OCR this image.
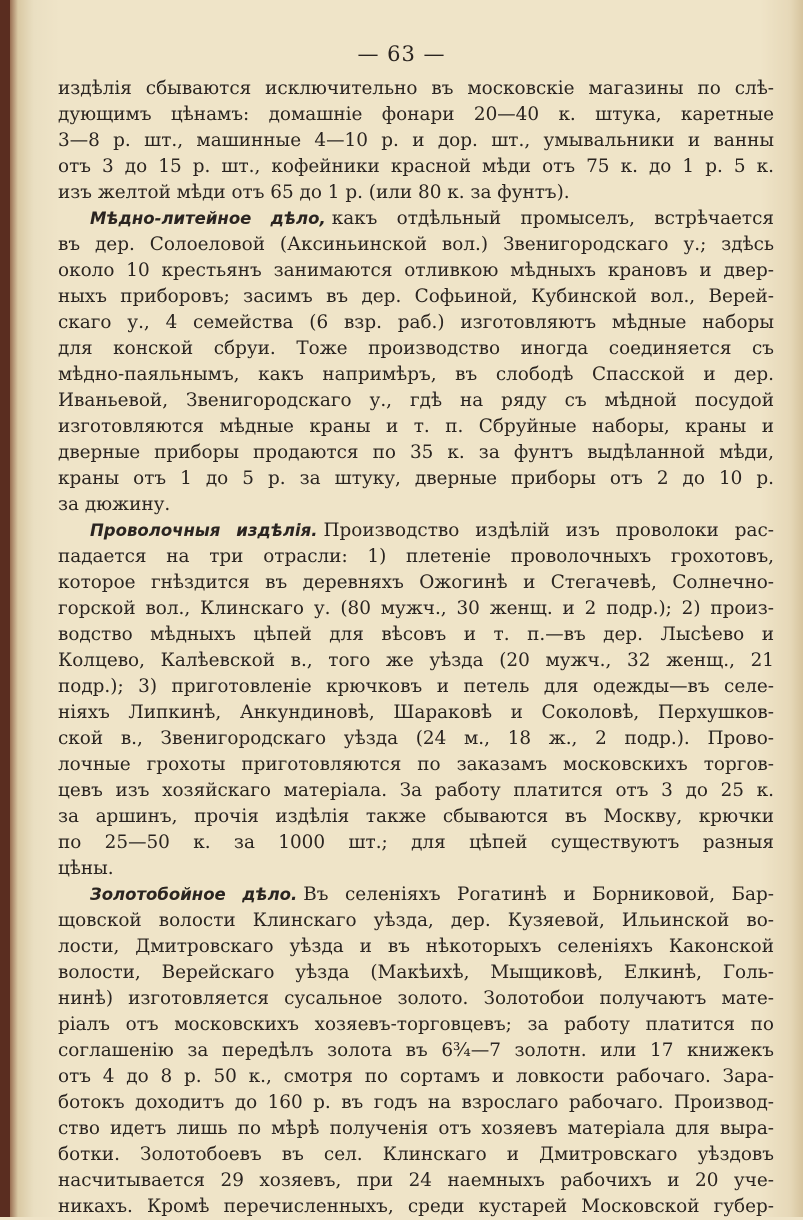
— 63 —
издѣлія сбываются исключительно въ московскіе магазины по слѣ-
дующимъ цѣнамъ: домашніе фонари 20—40 к. штука, каретные
3—8 р. шт., машинные 4—10 р. и дор. шт., умывальники и ванны
отъ 3 до 15 р. шт., кофейники красной мѣди отъ 75 к. до 1 р. 5 к.
изъ желтой мѣди отъ 65 до 1 р. (или 80 к. за фунтъ).
Мѣдно-литейное дѣло, какъ отдѣльный промыселъ, встрѣчается
въ дер. Солоеловой (Аксиньинской вол.) Звенигородскаго у.; здѣсь
около 10 крестьянъ занимаются отливкою мѣдныхъ крановъ и двер-
ныхъ приборовъ; засимъ въ дер. Софьиной, Кубинской вол., Верей-
скаго у., 4 семейства (6 взр. раб.) изготовляютъ мѣдные наборы
для конской сбруи. Тоже производство иногда соединяется съ
мѣдно-паяльнымъ, какъ напримѣръ, въ слободѣ Спасской и дер.
Иваньевой, Звенигородскаго у., гдѣ на ряду съ мѣдной посудой
изготовляются мѣдные краны и т. п. Сбруйные наборы, краны и
дверные приборы продаются по 35 к. за фунтъ выдѣланной мѣди,
краны отъ 1 до 5 р. за штуку, дверные приборы отъ 2 до 10 р.
за дюжину.
Проволочныя издѣлія. Производство издѣлій изъ проволоки рас-
падается на три отрасли: 1) плетеніе проволочныхъ грохотовъ,
которое гнѣздится въ деревняхъ Ожогинѣ и Стегачевѣ, Солнечно-
горской вол., Клинскаго у. (80 мужч., 30 женщ. и 2 подр.); 2) произ-
водство мѣдныхъ цѣпей для вѣсовъ и т. п.—въ дер. Лысѣево и
Колцево, Калѣевской в., того же уѣзда (20 мужч., 32 женщ., 21
подр.); 3) приготовленіе крючковъ и петель для одежды—въ селе-
ніяхъ Липкинѣ, Анкундиновѣ, Шараковѣ и Соколовѣ, Перхушков-
ской в., Звенигородскаго уѣзда (24 м., 18 ж., 2 подр.). Прово-
лочные грохоты приготовляются по заказамъ московскихъ торгов-
цевъ изъ хозяйскаго матеріала. За работу платится отъ 3 до 25 к.
за аршинъ, прочія издѣлія также сбываются въ Москву, крючки
по 25—50 к. за 1000 шт.; для цѣпей существуютъ разныя
цѣны.
Золотобойное дѣло. Въ селеніяхъ Рогатинѣ и Борниковой, Бар-
щовской волости Клинскаго уѣзда, дер. Кузяевой, Ильинской во-
лости, Дмитровскаго уѣзда и въ нѣкоторыхъ селеніяхъ Каконской
волости, Верейскаго уѣзда (Макѣихѣ, Мыщиковѣ, Елкинѣ, Голь-
нинѣ) изготовляется сусальное золото. Золотобои получаютъ мате-
ріалъ отъ московскихъ хозяевъ-торговцевъ; за работу платится по
соглашенію за передѣлъ золота въ 6¾—7 золотн. или 17 книжекъ
отъ 4 до 8 р. 50 к., смотря по сортамъ и ловкости рабочаго. Зара-
ботокъ доходитъ до 160 р. въ годъ на взрослаго рабочаго. Производ-
ство идетъ лишь по мѣрѣ полученія отъ хозяевъ матеріала для выра-
ботки. Золотобоевъ въ сел. Клинскаго и Дмитровскаго уѣздовъ
насчитывается 29 хозяевъ, при 24 наемныхъ рабочихъ и 20 уче-
никахъ. Кромѣ перечисленныхъ, среди кустарей Московской губер-
